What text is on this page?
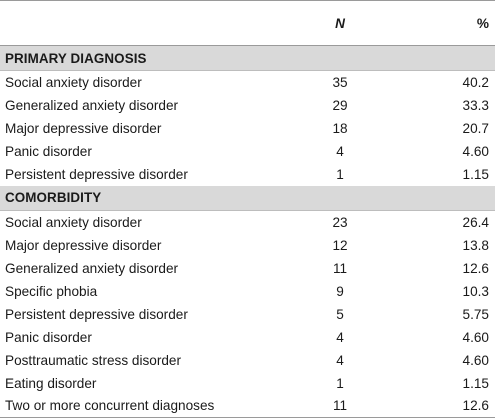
	N	%
PRIMARY DIAGNOSIS		
Social anxiety disorder	35	40.2
Generalized anxiety disorder	29	33.3
Major depressive disorder	18	20.7
Panic disorder	4	4.60
Persistent depressive disorder	1	1.15
COMORBIDITY		
Social anxiety disorder	23	26.4
Major depressive disorder	12	13.8
Generalized anxiety disorder	11	12.6
Specific phobia	9	10.3
Persistent depressive disorder	5	5.75
Panic disorder	4	4.60
Posttraumatic stress disorder	4	4.60
Eating disorder	1	1.15
Two or more concurrent diagnoses	11	12.6
